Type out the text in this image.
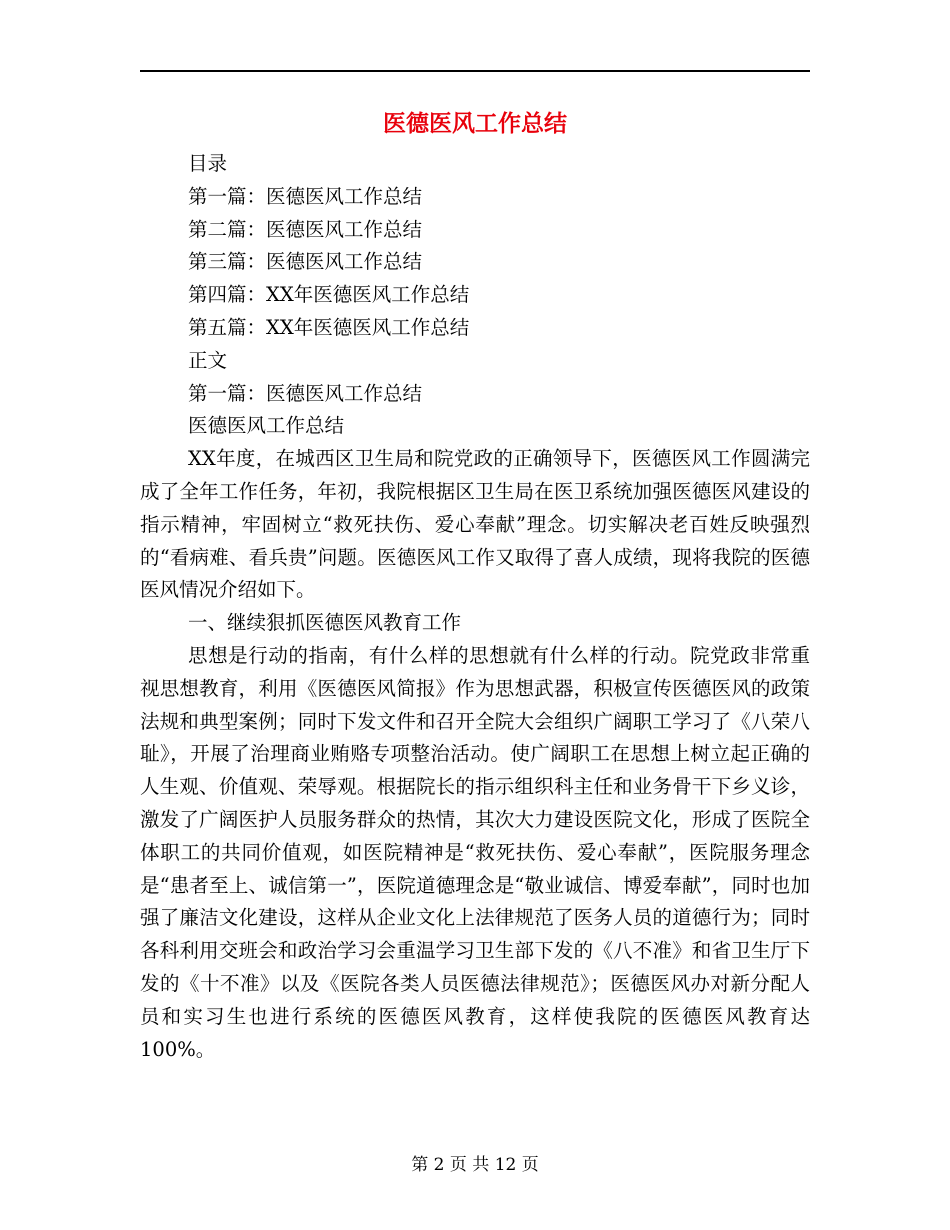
医德医风工作总结
目录
第一篇：医德医风工作总结
第二篇：医德医风工作总结
第三篇：医德医风工作总结
第四篇：XX年医德医风工作总结
第五篇：XX年医德医风工作总结
正文
第一篇：医德医风工作总结
医德医风工作总结

XX年度，在城西区卫生局和院党政的正确领导下，医德医风工作圆满完成了全年工作任务，年初，我院根据区卫生局在医卫系统加强医德医风建设的指示精神，牢固树立“救死扶伤、爱心奉献”理念。切实解决老百姓反映强烈的“看病难、看兵贵”问题。医德医风工作又取得了喜人成绩，现将我院的医德医风情况介绍如下。

一、继续狠抓医德医风教育工作

思想是行动的指南，有什么样的思想就有什么样的行动。院党政非常重视思想教育，利用《医德医风简报》作为思想武器，积极宣传医德医风的政策法规和典型案例；同时下发文件和召开全院大会组织广阔职工学习了《八荣八耻》，开展了治理商业贿赂专项整治活动。使广阔职工在思想上树立起正确的人生观、价值观、荣辱观。根据院长的指示组织科主任和业务骨干下乡义诊，激发了广阔医护人员服务群众的热情，其次大力建设医院文化，形成了医院全体职工的共同价值观，如医院精神是“救死扶伤、爱心奉献”，医院服务理念是“患者至上、诚信第一”，医院道德理念是“敬业诚信、博爱奉献”，同时也加强了廉洁文化建设，这样从企业文化上法律规范了医务人员的道德行为；同时各科利用交班会和政治学习会重温学习卫生部下发的《八不准》和省卫生厅下发的《十不准》以及《医院各类人员医德法律规范》；医德医风办对新分配人员和实习生也进行系统的医德医风教育，这样使我院的医德医风教育达100%。

第 2 页 共 12 页
